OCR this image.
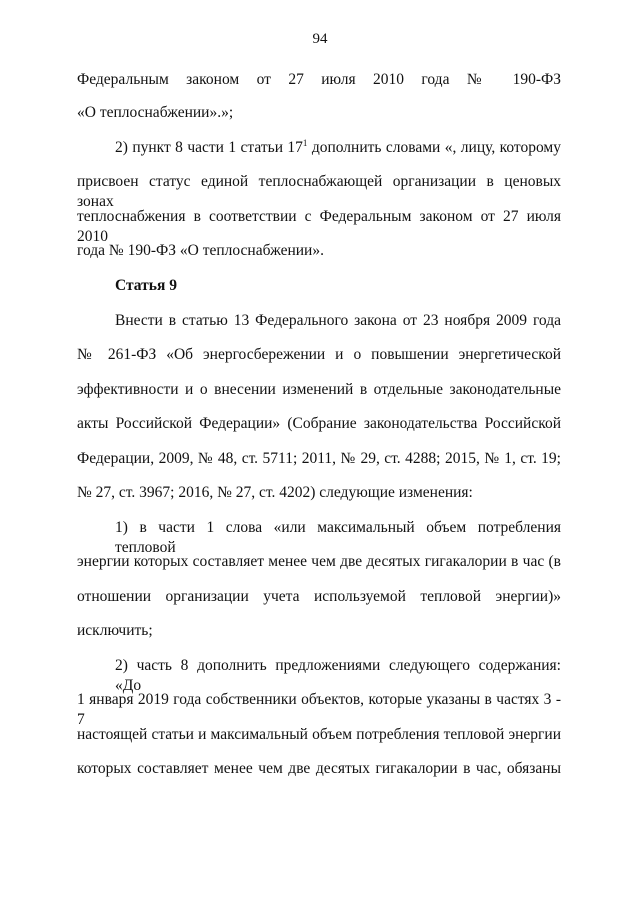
94
Федеральным законом от 27 июля 2010 года № 190-ФЗ
«О теплоснабжении».»;
2) пункт 8 части 1 статьи $17^1$ дополнить словами «, лицу, которому
присвоен статус единой теплоснабжающей организации в ценовых зонах
теплоснабжения в соответствии с Федеральным законом от 27 июля 2010
года № 190-ФЗ «О теплоснабжении».
Статья 9
Внести в статью 13 Федерального закона от 23 ноября 2009 года
№ 261-ФЗ «Об энергосбережении и о повышении энергетической
эффективности и о внесении изменений в отдельные законодательные
акты Российской Федерации» (Собрание законодательства Российской
Федерации, 2009, № 48, ст. 5711; 2011, № 29, ст. 4288; 2015, № 1, ст. 19;
№ 27, ст. 3967; 2016, № 27, ст. 4202) следующие изменения:
1) в части 1 слова «или максимальный объем потребления тепловой
энергии которых составляет менее чем две десятых гигакалории в час (в
отношении организации учета используемой тепловой энергии)»
исключить;
2) часть 8 дополнить предложениями следующего содержания: «До
1 января 2019 года собственники объектов, которые указаны в частях 3 - 7
настоящей статьи и максимальный объем потребления тепловой энергии
которых составляет менее чем две десятых гигакалории в час, обязаны
